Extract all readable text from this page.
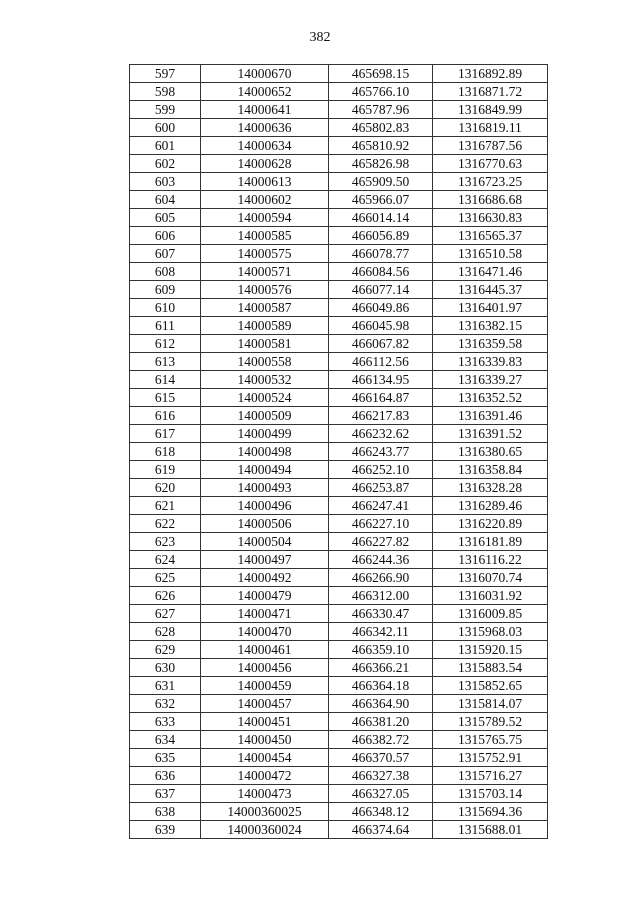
382
597	14000670	465698.15	1316892.89
598	14000652	465766.10	1316871.72
599	14000641	465787.96	1316849.99
600	14000636	465802.83	1316819.11
601	14000634	465810.92	1316787.56
602	14000628	465826.98	1316770.63
603	14000613	465909.50	1316723.25
604	14000602	465966.07	1316686.68
605	14000594	466014.14	1316630.83
606	14000585	466056.89	1316565.37
607	14000575	466078.77	1316510.58
608	14000571	466084.56	1316471.46
609	14000576	466077.14	1316445.37
610	14000587	466049.86	1316401.97
611	14000589	466045.98	1316382.15
612	14000581	466067.82	1316359.58
613	14000558	466112.56	1316339.83
614	14000532	466134.95	1316339.27
615	14000524	466164.87	1316352.52
616	14000509	466217.83	1316391.46
617	14000499	466232.62	1316391.52
618	14000498	466243.77	1316380.65
619	14000494	466252.10	1316358.84
620	14000493	466253.87	1316328.28
621	14000496	466247.41	1316289.46
622	14000506	466227.10	1316220.89
623	14000504	466227.82	1316181.89
624	14000497	466244.36	1316116.22
625	14000492	466266.90	1316070.74
626	14000479	466312.00	1316031.92
627	14000471	466330.47	1316009.85
628	14000470	466342.11	1315968.03
629	14000461	466359.10	1315920.15
630	14000456	466366.21	1315883.54
631	14000459	466364.18	1315852.65
632	14000457	466364.90	1315814.07
633	14000451	466381.20	1315789.52
634	14000450	466382.72	1315765.75
635	14000454	466370.57	1315752.91
636	14000472	466327.38	1315716.27
637	14000473	466327.05	1315703.14
638	14000360025	466348.12	1315694.36
639	14000360024	466374.64	1315688.01
